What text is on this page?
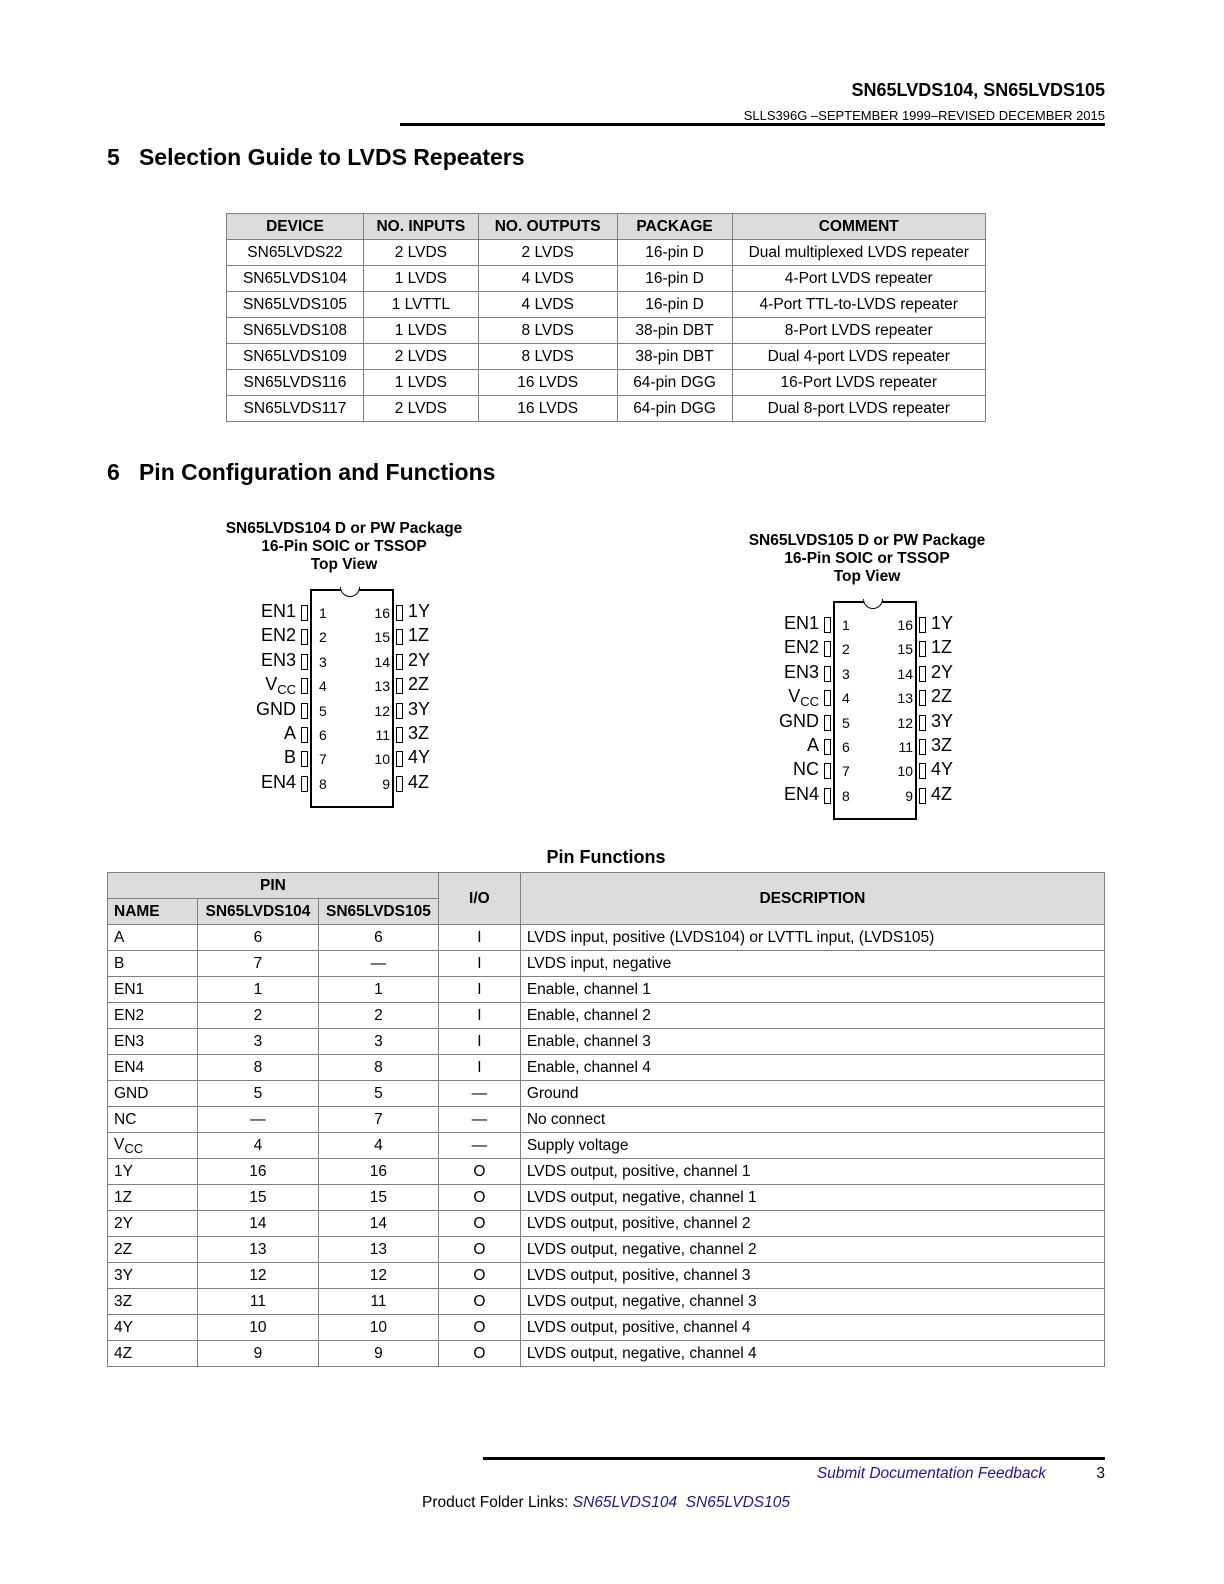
SN65LVDS104, SN65LVDS105
SLLS396G –SEPTEMBER 1999–REVISED DECEMBER 2015
5 Selection Guide to LVDS Repeaters
DEVICE	NO. INPUTS	NO. OUTPUTS	PACKAGE	COMMENT
SN65LVDS22	2 LVDS	2 LVDS	16-pin D	Dual multiplexed LVDS repeater
SN65LVDS104	1 LVDS	4 LVDS	16-pin D	4-Port LVDS repeater
SN65LVDS105	1 LVTTL	4 LVDS	16-pin D	4-Port TTL-to-LVDS repeater
SN65LVDS108	1 LVDS	8 LVDS	38-pin DBT	8-Port LVDS repeater
SN65LVDS109	2 LVDS	8 LVDS	38-pin DBT	Dual 4-port LVDS repeater
SN65LVDS116	1 LVDS	16 LVDS	64-pin DGG	16-Port LVDS repeater
SN65LVDS117	2 LVDS	16 LVDS	64-pin DGG	Dual 8-port LVDS repeater
6 Pin Configuration and Functions
SN65LVDS104 D or PW Package
16-Pin SOIC or TSSOP
Top View
EN1 1	16 1Y
EN2 2	15 1Z
EN3 3	14 2Y
$V_{CC}$ 4	13 2Z
GND 5	12 3Y
A 6	11 3Z
B 7	10 4Y
EN4 8	9 4Z
SN65LVDS105 D or PW Package
16-Pin SOIC or TSSOP
Top View
EN1 1	16 1Y
EN2 2	15 1Z
EN3 3	14 2Y
$V_{CC}$ 4	13 2Z
GND 5	12 3Y
A 6	11 3Z
NC 7	10 4Y
EN4 8	9 4Z
Pin Functions
PIN			I/O	DESCRIPTION
NAME	SN65LVDS104	SN65LVDS105		
A	6	6	I	LVDS input, positive (LVDS104) or LVTTL input, (LVDS105)
B	7	—	I	LVDS input, negative
EN1	1	1	I	Enable, channel 1
EN2	2	2	I	Enable, channel 2
EN3	3	3	I	Enable, channel 3
EN4	8	8	I	Enable, channel 4
GND	5	5	—	Ground
NC	—	7	—	No connect
$V_{CC}$	4	4	—	Supply voltage
1Y	16	16	O	LVDS output, positive, channel 1
1Z	15	15	O	LVDS output, negative, channel 1
2Y	14	14	O	LVDS output, positive, channel 2
2Z	13	13	O	LVDS output, negative, channel 2
3Y	12	12	O	LVDS output, positive, channel 3
3Z	11	11	O	LVDS output, negative, channel 3
4Y	10	10	O	LVDS output, positive, channel 4
4Z	9	9	O	LVDS output, negative, channel 4
Submit Documentation Feedback	3
Product Folder Links: SN65LVDS104 SN65LVDS105
